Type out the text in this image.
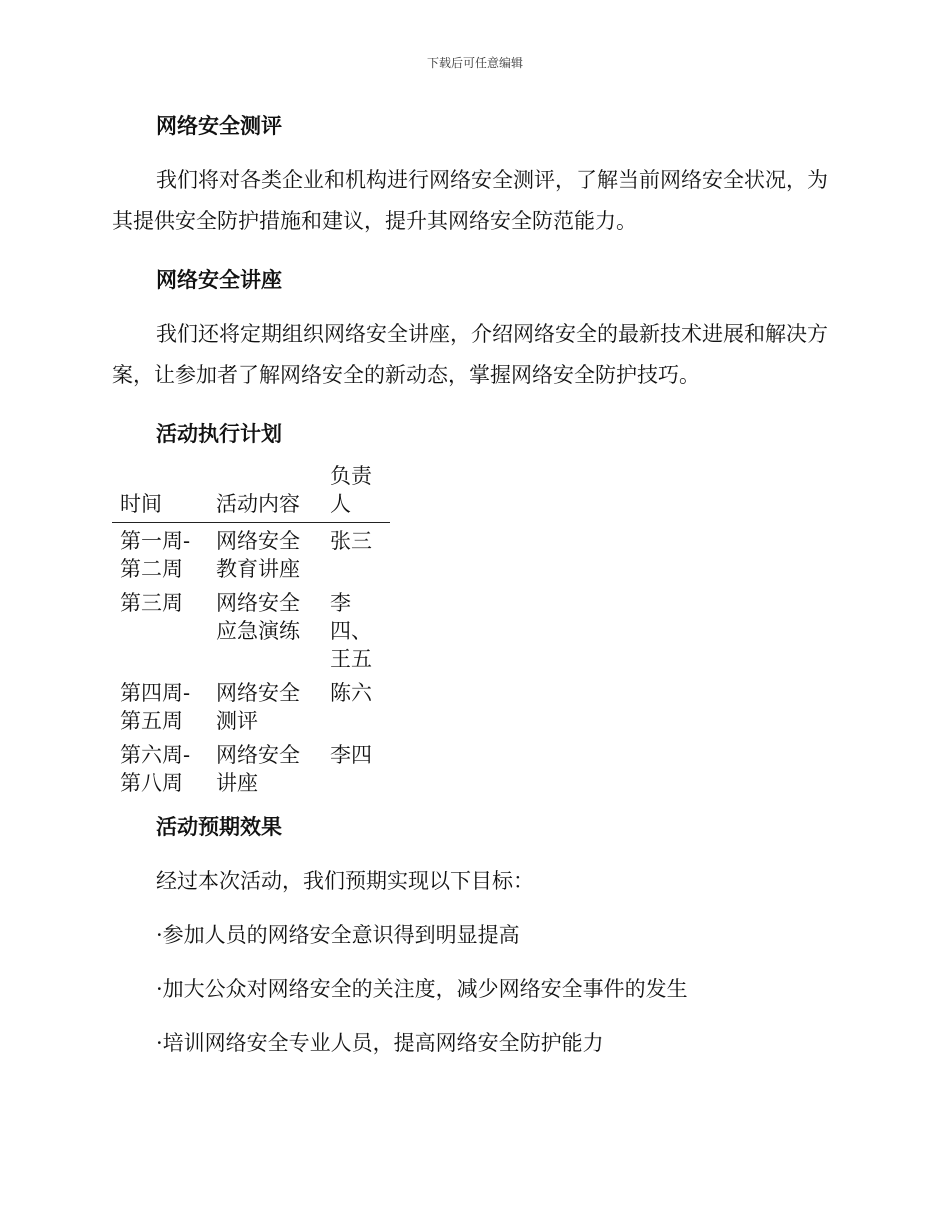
下载后可任意编辑
网络安全测评

我们将对各类企业和机构进行网络安全测评，了解当前网络安全状况，为其提供安全防护措施和建议，提升其网络安全防范能力。

网络安全讲座

我们还将定期组织网络安全讲座，介绍网络安全的最新技术进展和解决方案，让参加者了解网络安全的新动态，掌握网络安全防护技巧。

活动执行计划
时间	活动内容	负责人
第一周-第二周	网络安全教育讲座	张三
第三周	网络安全应急演练	李四、王五
第四周-第五周	网络安全测评	陈六
第六周-第八周	网络安全讲座	李四
活动预期效果

经过本次活动，我们预期实现以下目标：

·参加人员的网络安全意识得到明显提高

·加大公众对网络安全的关注度，减少网络安全事件的发生

·培训网络安全专业人员，提高网络安全防护能力
